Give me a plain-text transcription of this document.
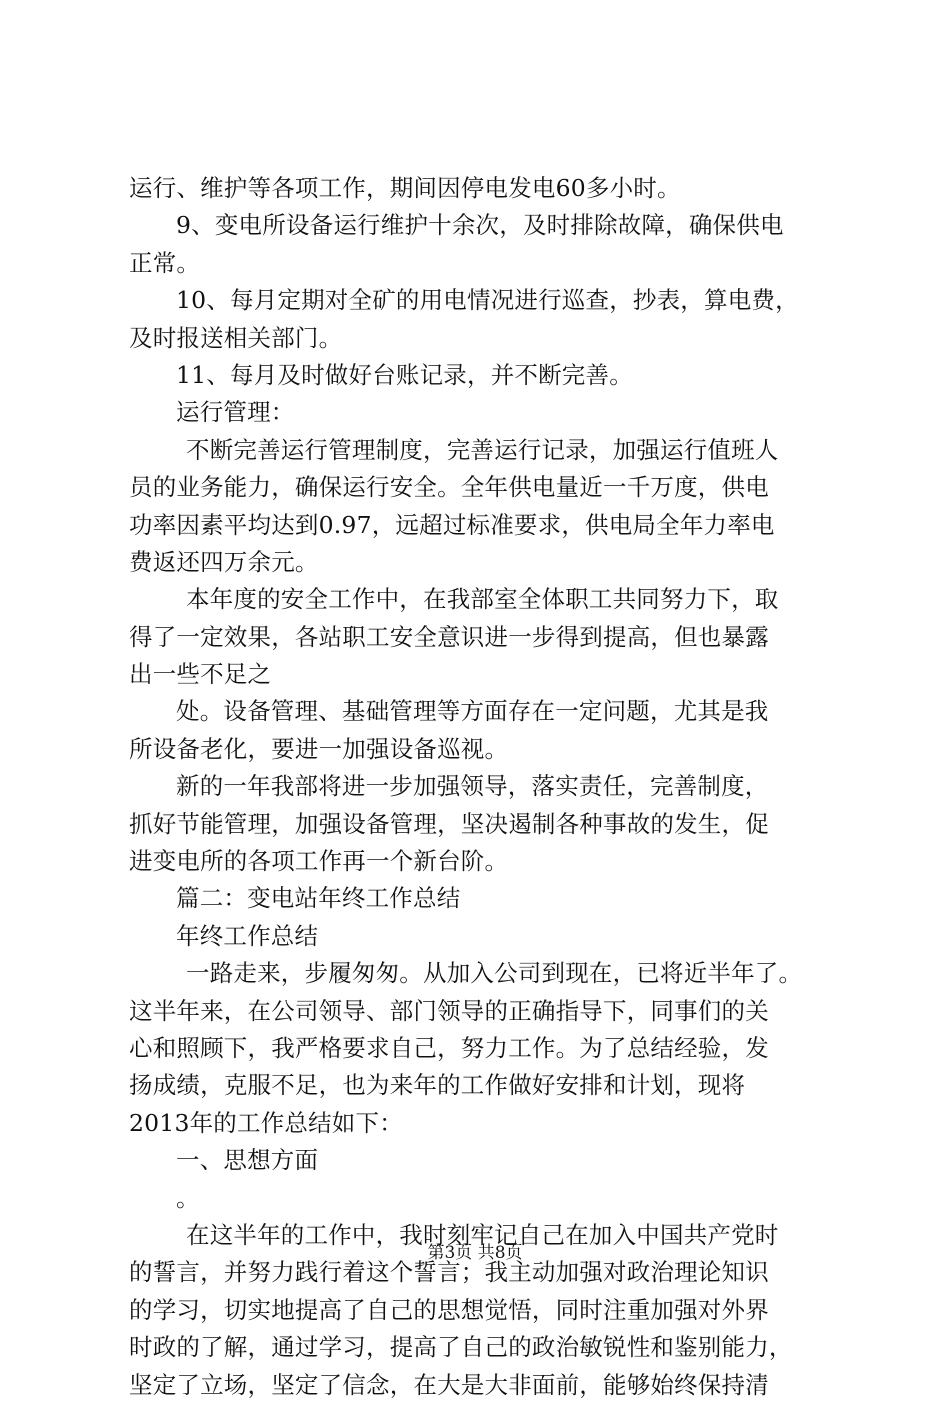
运行、维护等各项工作，期间因停电发电60多小时。
9、变电所设备运行维护十余次，及时排除故障，确保供电
正常。
10、每月定期对全矿的用电情况进行巡查，抄表，算电费，
及时报送相关部门。
11、每月及时做好台账记录，并不断完善。
运行管理：
不断完善运行管理制度，完善运行记录，加强运行值班人
员的业务能力，确保运行安全。全年供电量近一千万度，供电
功率因素平均达到0.97，远超过标准要求，供电局全年力率电
费返还四万余元。
本年度的安全工作中，在我部室全体职工共同努力下，取
得了一定效果，各站职工安全意识进一步得到提高，但也暴露
出一些不足之
处。设备管理、基础管理等方面存在一定问题，尤其是我
所设备老化，要进一加强设备巡视。
新的一年我部将进一步加强领导，落实责任，完善制度，
抓好节能管理，加强设备管理，坚决遏制各种事故的发生，促
进变电所的各项工作再一个新台阶。
篇二：变电站年终工作总结
年终工作总结
一路走来，步履匆匆。从加入公司到现在，已将近半年了。
这半年来，在公司领导、部门领导的正确指导下，同事们的关
心和照顾下，我严格要求自己，努力工作。为了总结经验，发
扬成绩，克服不足，也为来年的工作做好安排和计划，现将
2013年的工作总结如下：
一、思想方面
。
在这半年的工作中，我时刻牢记自己在加入中国共产党时
的誓言，并努力践行着这个誓言；我主动加强对政治理论知识
的学习，切实地提高了自己的思想觉悟，同时注重加强对外界
时政的了解，通过学习，提高了自己的政治敏锐性和鉴别能力，
坚定了立场，坚定了信念，在大是大非面前，能够始终保持清
第3页 共8页
